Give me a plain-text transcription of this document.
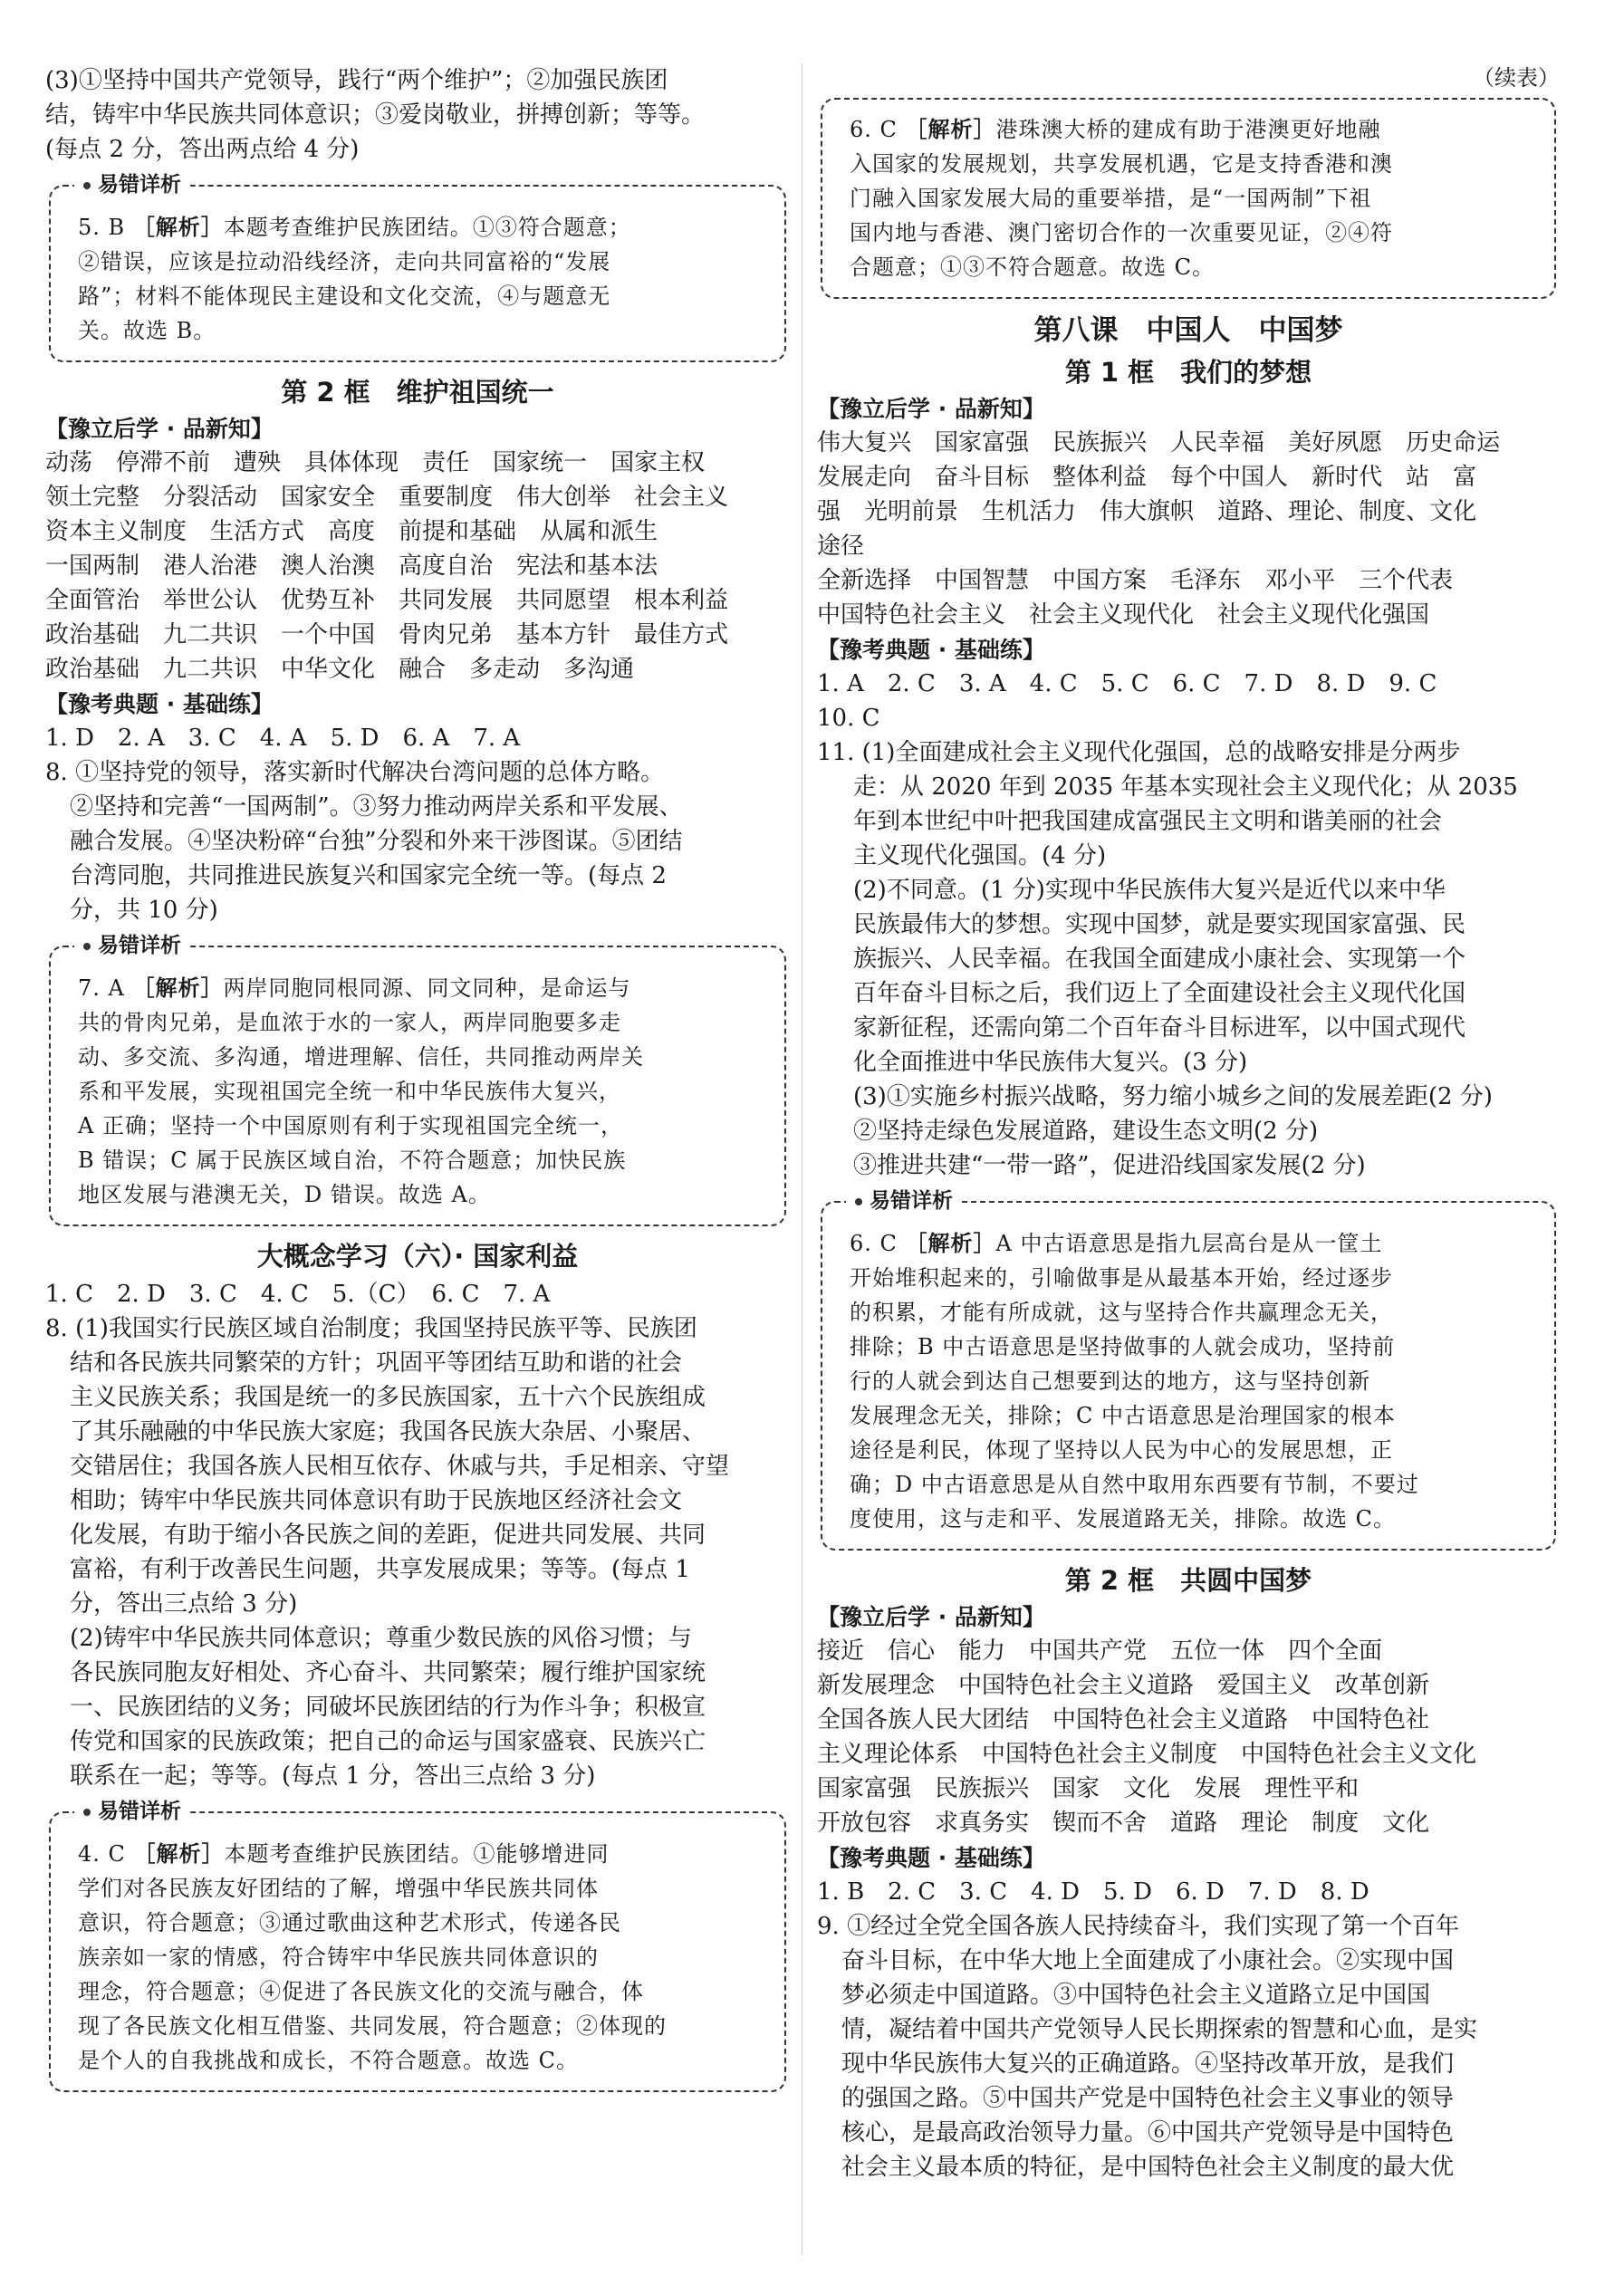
(3)①坚持中国共产党领导，践行“两个维护”；②加强民族团

结，铸牢中华民族共同体意识；③爱岗敬业，拼搏创新；等等。

(每点 2 分，答出两点给 4 分)

易错详析

5. B ［解析］本题考查维护民族团结。①③符合题意；

②错误，应该是拉动沿线经济，走向共同富裕的“发展

路”；材料不能体现民主建设和文化交流，④与题意无

关。故选 B。

第 2 框　维护祖国统一
【豫立后学 · 品新知】
动荡 停滞不前 遭殃 具体体现 责任 国家统一 国家主权
领土完整 分裂活动 国家安全 重要制度 伟大创举 社会主义
资本主义制度 生活方式 高度 前提和基础 从属和派生
一国两制 港人治港 澳人治澳 高度自治 宪法和基本法
全面管治 举世公认 优势互补 共同发展 共同愿望 根本利益
政治基础 九二共识 一个中国 骨肉兄弟 基本方针 最佳方式
政治基础 九二共识 中华文化 融合 多走动 多沟通
【豫考典题 · 基础练】

1. D　2. A　3. C　4. A　5. D　6. A　7. A

8. ①坚持党的领导，落实新时代解决台湾问题的总体方略。

②坚持和完善“一国两制”。③努力推动两岸关系和平发展、

融合发展。④坚决粉碎“台独”分裂和外来干涉图谋。⑤团结

台湾同胞，共同推进民族复兴和国家完全统一等。(每点 2

分，共 10 分)

易错详析

7. A ［解析］两岸同胞同根同源、同文同种，是命运与

共的骨肉兄弟，是血浓于水的一家人，两岸同胞要多走

动、多交流、多沟通，增进理解、信任，共同推动两岸关

系和平发展，实现祖国完全统一和中华民族伟大复兴，

A 正确；坚持一个中国原则有利于实现祖国完全统一，

B 错误；C 属于民族区域自治，不符合题意；加快民族

地区发展与港澳无关，D 错误。故选 A。

大概念学习（六）· 国家利益

1. C　2. D　3. C　4. C　5.（C）　6. C　7. A

8. (1)我国实行民族区域自治制度；我国坚持民族平等、民族团

结和各民族共同繁荣的方针；巩固平等团结互助和谐的社会

主义民族关系；我国是统一的多民族国家，五十六个民族组成

了其乐融融的中华民族大家庭；我国各民族大杂居、小聚居、

交错居住；我国各族人民相互依存、休戚与共，手足相亲、守望

相助；铸牢中华民族共同体意识有助于民族地区经济社会文

化发展，有助于缩小各民族之间的差距，促进共同发展、共同

富裕，有利于改善民生问题，共享发展成果；等等。(每点 1

分，答出三点给 3 分)

(2)铸牢中华民族共同体意识；尊重少数民族的风俗习惯；与

各民族同胞友好相处、齐心奋斗、共同繁荣；履行维护国家统

一、民族团结的义务；同破坏民族团结的行为作斗争；积极宣

传党和国家的民族政策；把自己的命运与国家盛衰、民族兴亡

联系在一起；等等。(每点 1 分，答出三点给 3 分)

易错详析

4. C ［解析］本题考查维护民族团结。①能够增进同

学们对各民族友好团结的了解，增强中华民族共同体

意识，符合题意；③通过歌曲这种艺术形式，传递各民

族亲如一家的情感，符合铸牢中华民族共同体意识的

理念，符合题意；④促进了各民族文化的交流与融合，体

现了各民族文化相互借鉴、共同发展，符合题意；②体现的

是个人的自我挑战和成长，不符合题意。故选 C。

（续表）

6. C ［解析］港珠澳大桥的建成有助于港澳更好地融

入国家的发展规划，共享发展机遇，它是支持香港和澳

门融入国家发展大局的重要举措，是“一国两制”下祖

国内地与香港、澳门密切合作的一次重要见证，②④符

合题意；①③不符合题意。故选 C。

第八课　中国人　中国梦
第 1 框　我们的梦想
【豫立后学 · 品新知】
伟大复兴 国家富强 民族振兴 人民幸福 美好夙愿 历史命运
发展走向 奋斗目标 整体利益 每个中国人 新时代 站　富
强 光明前景 生机活力 伟大旗帜 道路、理论、制度、文化途径
全新选择 中国智慧 中国方案 毛泽东 邓小平 三个代表
中国特色社会主义 社会主义现代化 社会主义现代化强国
【豫考典题 · 基础练】

1. A　2. C　3. A　4. C　5. C　6. C　7. D　8. D　9. C

10. C

11. (1)全面建成社会主义现代化强国，总的战略安排是分两步

走：从 2020 年到 2035 年基本实现社会主义现代化；从 2035

年到本世纪中叶把我国建成富强民主文明和谐美丽的社会

主义现代化强国。(4 分)

(2)不同意。(1 分)实现中华民族伟大复兴是近代以来中华

民族最伟大的梦想。实现中国梦，就是要实现国家富强、民

族振兴、人民幸福。在我国全面建成小康社会、实现第一个

百年奋斗目标之后，我们迈上了全面建设社会主义现代化国

家新征程，还需向第二个百年奋斗目标进军，以中国式现代

化全面推进中华民族伟大复兴。(3 分)

(3)①实施乡村振兴战略，努力缩小城乡之间的发展差距(2 分)

②坚持走绿色发展道路，建设生态文明(2 分)

③推进共建“一带一路”，促进沿线国家发展(2 分)

易错详析

6. C ［解析］A 中古语意思是指九层高台是从一筐土

开始堆积起来的，引喻做事是从最基本开始，经过逐步

的积累，才能有所成就，这与坚持合作共赢理念无关，

排除；B 中古语意思是坚持做事的人就会成功，坚持前

行的人就会到达自己想要到达的地方，这与坚持创新

发展理念无关，排除；C 中古语意思是治理国家的根本

途径是利民，体现了坚持以人民为中心的发展思想，正

确；D 中古语意思是从自然中取用东西要有节制，不要过

度使用，这与走和平、发展道路无关，排除。故选 C。

第 2 框　共圆中国梦
【豫立后学 · 品新知】
接近 信心 能力 中国共产党 五位一体 四个全面
新发展理念 中国特色社会主义道路 爱国主义 改革创新
全国各族人民大团结 中国特色社会主义道路 中国特色社
主义理论体系 中国特色社会主义制度 中国特色社会主义文化
国家富强 民族振兴 国家 文化 发展 理性平和
开放包容 求真务实 锲而不舍 道路 理论 制度 文化
【豫考典题 · 基础练】

1. B　2. C　3. C　4. D　5. D　6. D　7. D　8. D

9. ①经过全党全国各族人民持续奋斗，我们实现了第一个百年

奋斗目标，在中华大地上全面建成了小康社会。②实现中国

梦必须走中国道路。③中国特色社会主义道路立足中国国

情，凝结着中国共产党领导人民长期探索的智慧和心血，是实

现中华民族伟大复兴的正确道路。④坚持改革开放，是我们

的强国之路。⑤中国共产党是中国特色社会主义事业的领导

核心，是最高政治领导力量。⑥中国共产党领导是中国特色

社会主义最本质的特征，是中国特色社会主义制度的最大优
